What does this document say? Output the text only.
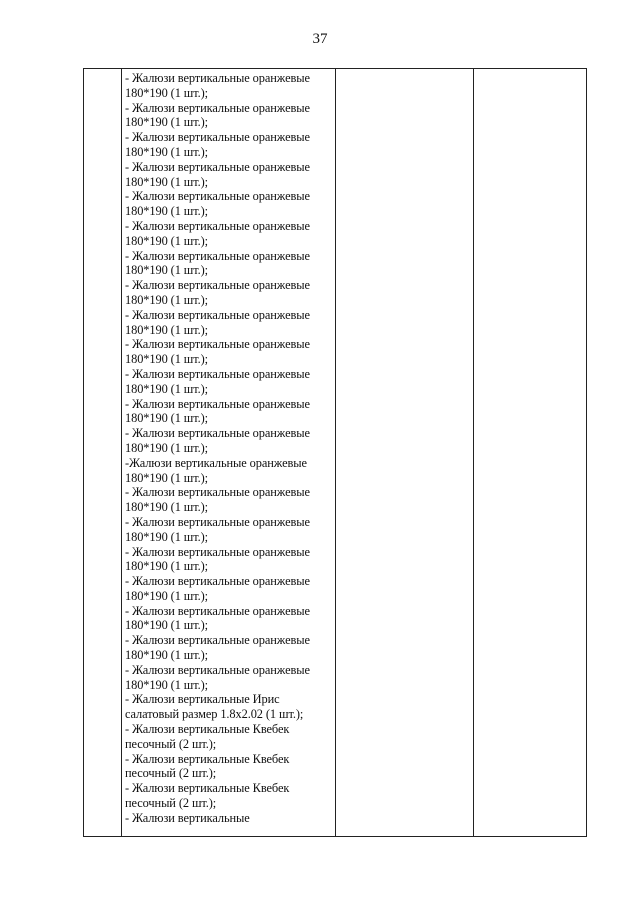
37

- Жалюзи вертикальные оранжевые
180*190 (1 шт.);
- Жалюзи вертикальные оранжевые
180*190 (1 шт.);
- Жалюзи вертикальные оранжевые
180*190 (1 шт.);
- Жалюзи вертикальные оранжевые
180*190 (1 шт.);
- Жалюзи вертикальные оранжевые
180*190 (1 шт.);
- Жалюзи вертикальные оранжевые
180*190 (1 шт.);
- Жалюзи вертикальные оранжевые
180*190 (1 шт.);
- Жалюзи вертикальные оранжевые
180*190 (1 шт.);
- Жалюзи вертикальные оранжевые
180*190 (1 шт.);
- Жалюзи вертикальные оранжевые
180*190 (1 шт.);
- Жалюзи вертикальные оранжевые
180*190 (1 шт.);
- Жалюзи вертикальные оранжевые
180*190 (1 шт.);
- Жалюзи вертикальные оранжевые
180*190 (1 шт.);
-Жалюзи вертикальные оранжевые
180*190 (1 шт.);
- Жалюзи вертикальные оранжевые
180*190 (1 шт.);
- Жалюзи вертикальные оранжевые
180*190 (1 шт.);
- Жалюзи вертикальные оранжевые
180*190 (1 шт.);
- Жалюзи вертикальные оранжевые
180*190 (1 шт.);
- Жалюзи вертикальные оранжевые
180*190 (1 шт.);
- Жалюзи вертикальные оранжевые
180*190 (1 шт.);
- Жалюзи вертикальные оранжевые
180*190 (1 шт.);
- Жалюзи вертикальные Ирис
салатовый размер 1.8х2.02 (1 шт.);
- Жалюзи вертикальные Квебек
песочный (2 шт.);
- Жалюзи вертикальные Квебек
песочный (2 шт.);
- Жалюзи вертикальные Квебек
песочный (2 шт.);
- Жалюзи вертикальные
